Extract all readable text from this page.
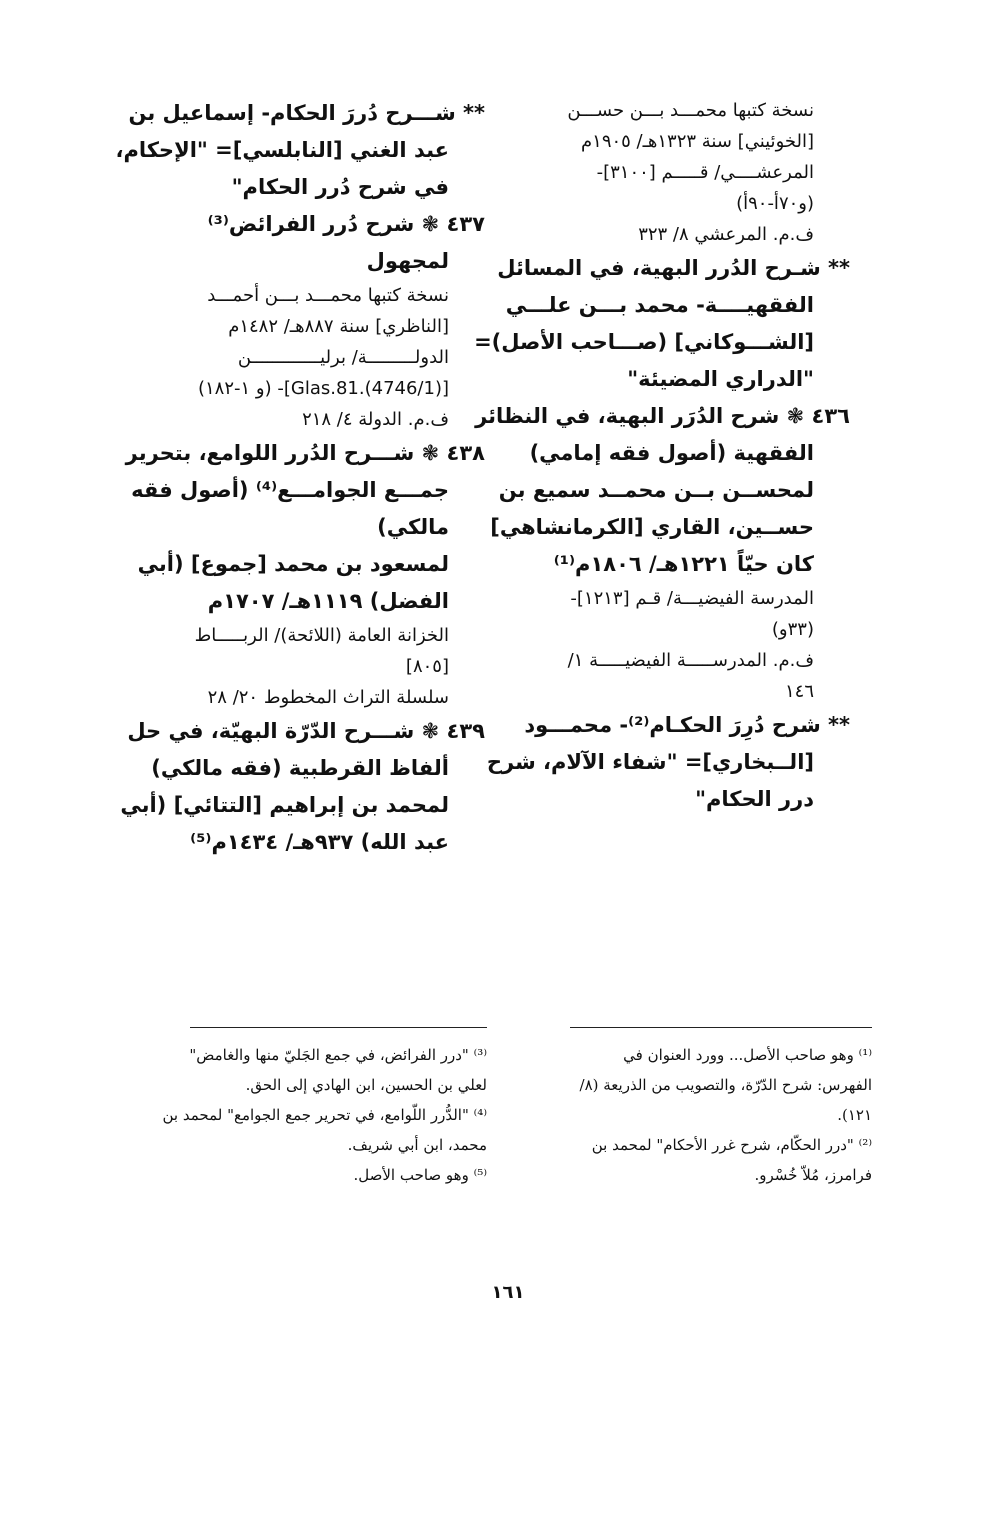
نسخة كتبها محمـــد بـــن حســـن
[الخوئيني] سنة ١٣٢٣هـ/ ١٩٠٥م
المرعشــــي/ قـــــم [٣١٠٠]-
(و٧٠أ-٩٠أ)
ف.م. المرعشي ٨/ ٣٢٣
** شـرح الدُرر البهية، في المسائل
الفقهيــــة- محمد بـــن علـــي
[الشـــوكاني] (صـــاحب الأصل)=
"الدراري المضيئة"
٤٣٦ ❃ شرح الدُرَر البهية، في النظائر
الفقهية (أصول فقه إمامي)
لمحســن بــن محمــد سميع بن
حســين، القاري [الكرمانشاهي]
كان حيّاً ١٢٢١هـ/ ١٨٠٦م⁽¹⁾
المدرسة الفيضيـــة/ قـم [١٢١٣]-
(٣٣و)
ف.م. المدرســـــة الفيضيـــــة ١/
١٤٦
** شرح دُرِرَ الحكـام⁽²⁾- محمـــود
[الــبخاري]= "شفاء الآلام، شرح
درر الحكام"
** شـــرح دُررَ الحكام- إسماعيل بن
عبد الغني [النابلسي]= "الإحكام،
في شرح دُرر الحكام"
٤٣٧ ❃ شرح دُرر الفرائض⁽³⁾
لمجهول
نسخة كتبها محمـــد بـــن أحمـــد
[الناظري] سنة ٨٨٧هـ/ ١٤٨٢م
الدولـــــــــة/ برليـــــــــــــن
[Glas.81.(4746/1)]- (و ١-١٨٢)
ف.م. الدولة ٤/ ٢١٨
٤٣٨ ❃ شـــرح الدُرر اللوامع، بتحرير
جمـــع الجوامـــع⁽⁴⁾ (أصول فقه
مالكي)
لمسعود بن محمد [جموع] (أبي
الفضل) ١١١٩هـ/ ١٧٠٧م
الخزانة العامة (اللائحة)/ الربـــــاط
[٨٠٥]
سلسلة التراث المخطوط ٢٠/ ٢٨
٤٣٩ ❃ شـــرح الدّرّة البهيّة، في حل
ألفاظ القرطبية (فقه مالكي)
لمحمد بن إبراهيم [التتائي] (أبي
عبد الله) ٩٣٧هـ/ ١٤٣٤م⁽⁵⁾
⁽¹⁾ وهو صاحب الأصل... وورد العنوان في
الفهرس: شرح الدّرّة، والتصويب من الذريعة (٨/
١٢١).
⁽²⁾ "درر الحكّام، شرح غرر الأحكام" لمحمد بن
فرامرز، مُلاّ خُسْرو.
⁽³⁾ "درر الفرائض، في جمع الجَليّ منها والغامض"
لعلي بن الحسين، ابن الهادي إلى الحق.
⁽⁴⁾ "الدُّرر اللّوامع، في تحرير جمع الجوامع" لمحمد بن
محمد، ابن أبي شريف.
⁽⁵⁾ وهو صاحب الأصل.
١٦١
